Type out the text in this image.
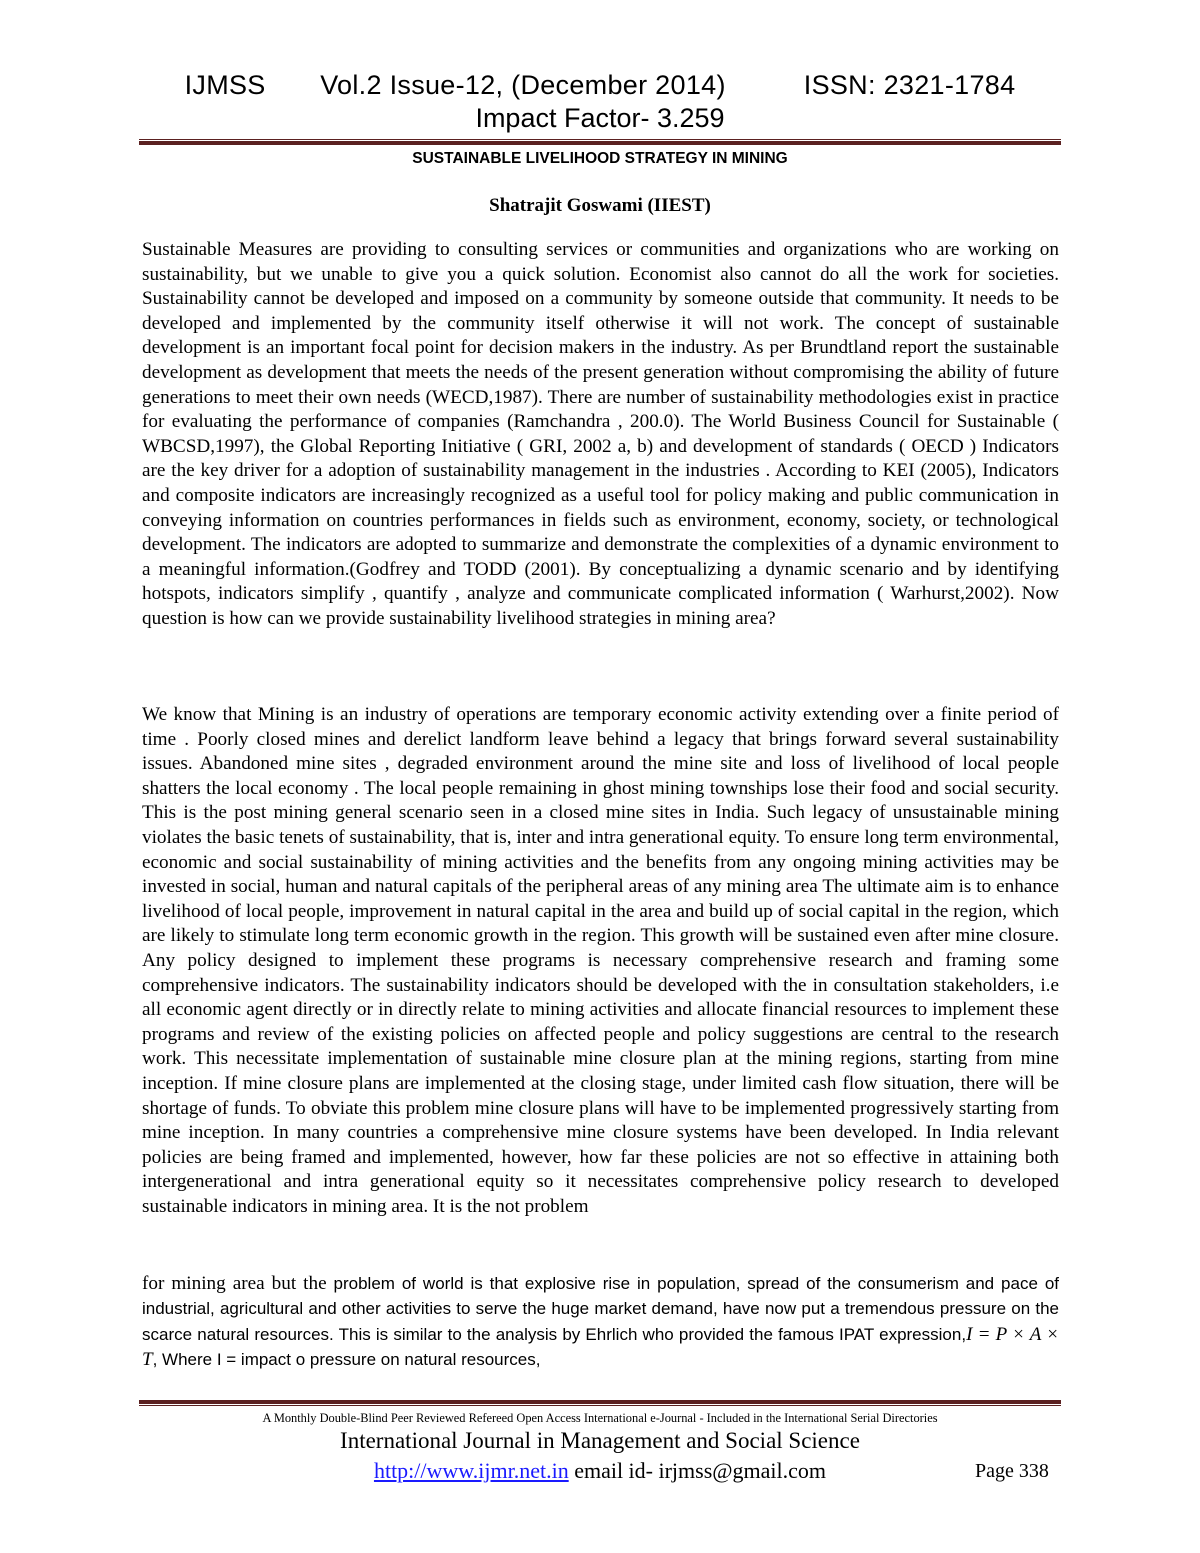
IJMSS Vol.2 Issue-12, (December 2014)	ISSN: 2321-1784
Impact Factor- 3.259
SUSTAINABLE LIVELIHOOD STRATEGY IN MINING
Shatrajit Goswami (IIEST)
Sustainable Measures are providing to consulting services or communities and organizations who are working on sustainability, but we unable to give you a quick solution. Economist also cannot do all the work for societies. Sustainability cannot be developed and imposed on a community by someone outside that community. It needs to be developed and implemented by the community itself otherwise it will not work. The concept of sustainable development is an important focal point for decision makers in the industry. As per Brundtland report the sustainable development as development that meets the needs of the present generation without compromising the ability of future generations to meet their own needs (WECD,1987). There are number of sustainability methodologies exist in practice for evaluating the performance of companies (Ramchandra , 200.0). The World Business Council for Sustainable ( WBCSD,1997), the Global Reporting Initiative ( GRI, 2002 a, b) and development of standards ( OECD ) Indicators are the key driver for a adoption of sustainability management in the industries . According to KEI (2005), Indicators and composite indicators are increasingly recognized as a useful tool for policy making and public communication in conveying information on countries performances in fields such as environment, economy, society, or technological development. The indicators are adopted to summarize and demonstrate the complexities of a dynamic environment to a meaningful information.(Godfrey and TODD (2001). By conceptualizing a dynamic scenario and by identifying hotspots, indicators simplify , quantify , analyze and communicate complicated information ( Warhurst,2002). Now question is how can we provide sustainability livelihood strategies in mining area?
We know that Mining is an industry of operations are temporary economic activity extending over a finite period of time . Poorly closed mines and derelict landform leave behind a legacy that brings forward several sustainability issues. Abandoned mine sites , degraded environment around the mine site and loss of livelihood of local people shatters the local economy . The local people remaining in ghost mining townships lose their food and social security. This is the post mining general scenario seen in a closed mine sites in India. Such legacy of unsustainable mining violates the basic tenets of sustainability, that is, inter and intra generational equity. To ensure long term environmental, economic and social sustainability of mining activities and the benefits from any ongoing mining activities may be invested in social, human and natural capitals of the peripheral areas of any mining area The ultimate aim is to enhance livelihood of local people, improvement in natural capital in the area and build up of social capital in the region, which are likely to stimulate long term economic growth in the region. This growth will be sustained even after mine closure. Any policy designed to implement these programs is necessary comprehensive research and framing some comprehensive indicators. The sustainability indicators should be developed with the in consultation stakeholders, i.e all economic agent directly or in directly relate to mining activities and allocate financial resources to implement these programs and review of the existing policies on affected people and policy suggestions are central to the research work. This necessitate implementation of sustainable mine closure plan at the mining regions, starting from mine inception. If mine closure plans are implemented at the closing stage, under limited cash flow situation, there will be shortage of funds. To obviate this problem mine closure plans will have to be implemented progressively starting from mine inception. In many countries a comprehensive mine closure systems have been developed. In India relevant policies are being framed and implemented, however, how far these policies are not so effective in attaining both intergenerational and intra generational equity so it necessitates comprehensive policy research to developed sustainable indicators in mining area. It is the not problem
for mining area but the problem of world is that explosive rise in population, spread of the consumerism and pace of industrial, agricultural and other activities to serve the huge market demand, have now put a tremendous pressure on the scarce natural resources. This is similar to the analysis by Ehrlich who provided the famous IPAT expression,I = P × A × T, Where I = impact o pressure on natural resources,
A Monthly Double-Blind Peer Reviewed Refereed Open Access International e-Journal - Included in the International Serial Directories
International Journal in Management and Social Science
http://www.ijmr.net.in email id- irjmss@gmail.com	Page 338
